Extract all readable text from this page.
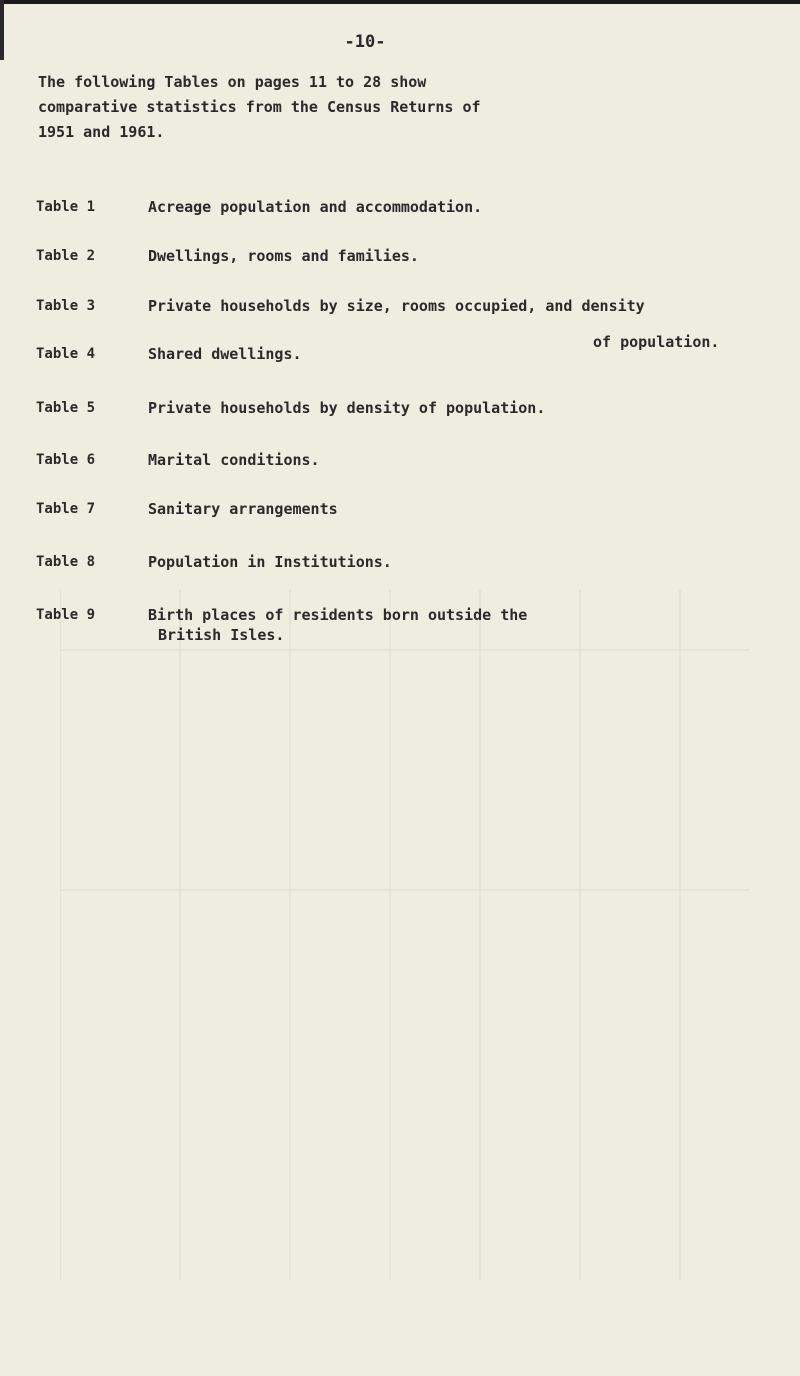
-10-
The following Tables on pages 11 to 28 show
comparative statistics from the Census Returns of
1951 and 1961.
Table 1	Acreage population and accommodation.
Table 2	Dwellings, rooms and families.
Table 3	Private households by size, rooms occupied, and density
of population.
Table 4	Shared dwellings.
Table 5	Private households by density of population.
Table 6	Marital conditions.
Table 7	Sanitary arrangements
Table 8	Population in Institutions.
Table 9	Birth places of residents born outside the
British Isles.
